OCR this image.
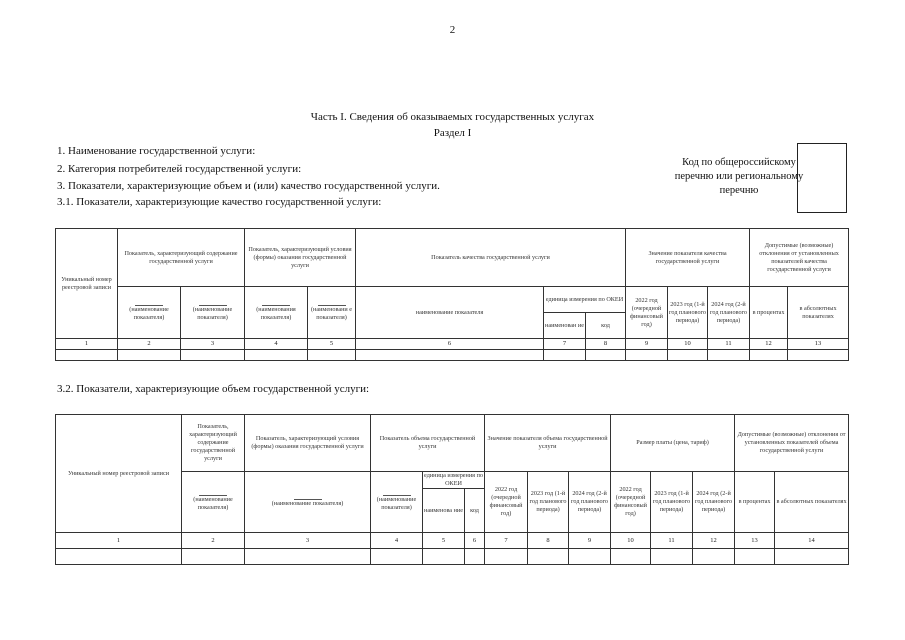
2
Часть I. Сведения об оказываемых государственных услугах
Раздел I
1. Наименование государственной услуги:
2. Категория потребителей государственной услуги:
3. Показатели, характеризующие объем и (или) качество государственной услуги.
3.1. Показатели, характеризующие качество государственной услуги:
Код по общероссийскому перечню или региональному перечню
Уникальный номер реестровой записи	Показатель, характеризующий содержание государственной услуги		Показатель, характеризующий условия (формы) оказания государственной услуги		Показатель качества государственной услуги			Значение показателя качества государственной услуги			Допустимые (возможные) отклонения от установленных показателей качества государственной услуги	

(наименование показателя)	(наименование показателя)	(наименования показателя)	(наименовани е показателя)	наименование показателя	единица измерения по ОКЕИ		2022 год (очередной финансовый год)	2023 год (1-й год планового периода)	2024 год (2-й год планового периода)	в процентах	в абсолютных показателях
						наименован ие	код					
1	2	3	4	5	6	7	8	9	10	11	12	13

3.2. Показатели, характеризующие объем государственной услуги:
Уникальный номер реестровой записи	Показатель, характеризующий содержание государственной услуги	Показатель, характеризующий условия (формы) оказания государственной услуги	Показатель объема государственной услуги			Значение показателя объема государственной услуги			Размер платы (цена, тариф)			Допустимые (возможные) отклонения от установленных показателей объема государственной услуги	

(наименование показателя)	(наименование показателя)	(наименование показателя)	единица измерения по ОКЕИ		2022 год (очередной финансовый год)	2023 год (1-й год планового периода)	2024 год (2-й год планового периода)	2022 год (очередной финансовый год)	2023 год (1-й год планового периода)	2024 год (2-й год планового периода)	в процентах	в абсолютных показателях
				наименова ние	код								
1	2	3	4	5	6	7	8	9	10	11	12	13	14
